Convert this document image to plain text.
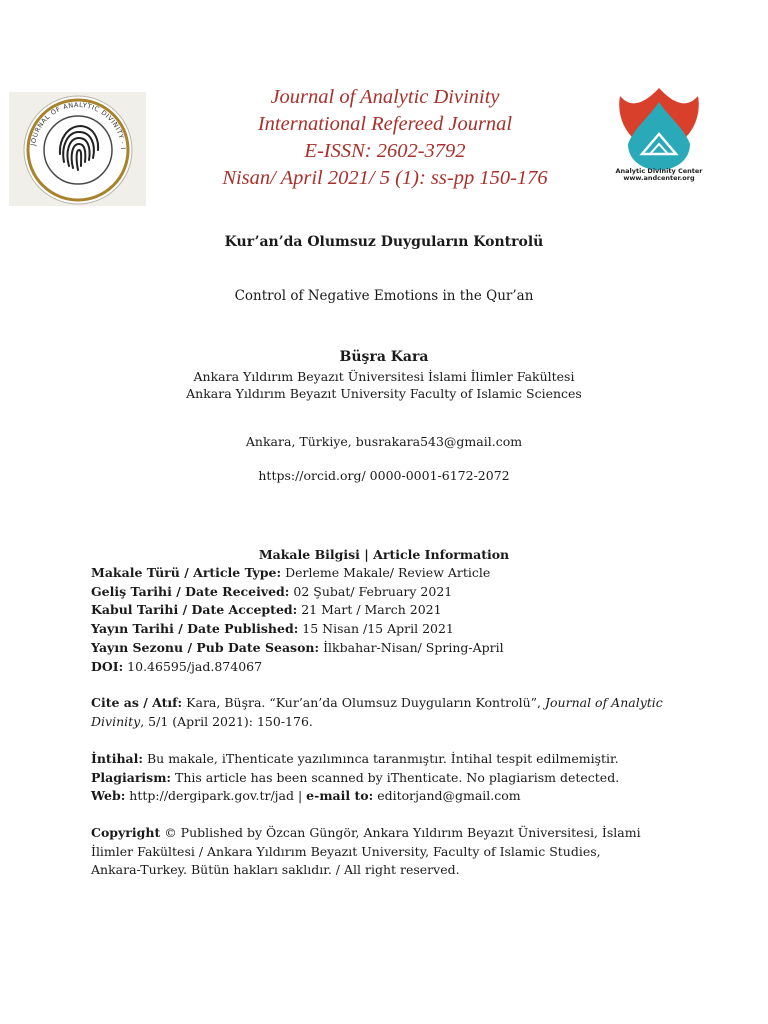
JOURNAL OF ANALYTIC DIVINITY · I
Journal of Analytic Divinity
International Refereed Journal
E-ISSN: 2602-3792
Nisan/ April 2021/ 5 (1): ss-pp 150-176	Analytic Divinity Center
www.andcenter.org
Kur’an’da Olumsuz Duyguların Kontrolü
Control of Negative Emotions in the Qur’an
Büşra Kara
Ankara Yıldırım Beyazıt Üniversitesi İslami İlimler Fakültesi
Ankara Yıldırım Beyazıt University Faculty of Islamic Sciences
Ankara, Türkiye, busrakara543@gmail.com
https://orcid.org/ 0000-0001-6172-2072
Makale Bilgisi | Article Information
Makale Türü / Article Type: Derleme Makale/ Review Article
Geliş Tarihi / Date Received: 02 Şubat/ February 2021
Kabul Tarihi / Date Accepted: 21 Mart / March 2021
Yayın Tarihi / Date Published: 15 Nisan /15 April 2021
Yayın Sezonu / Pub Date Season: İlkbahar-Nisan/ Spring-April
DOI: 10.46595/jad.874067
Cite as / Atıf: Kara, Büşra. “Kur’an’da Olumsuz Duyguların Kontrolü”, Journal of Analytic
Divinity, 5/1 (April 2021): 150-176.
İntihal: Bu makale, iThenticate yazılımınca taranmıştır. İntihal tespit edilmemiştir.
Plagiarism: This article has been scanned by iThenticate. No plagiarism detected.
Web: http://dergipark.gov.tr/jad | e-mail to: editorjand@gmail.com
Copyright © Published by Özcan Güngör, Ankara Yıldırım Beyazıt Üniversitesi, İslami
İlimler Fakültesi / Ankara Yıldırım Beyazıt University, Faculty of Islamic Studies,
Ankara-Turkey. Bütün hakları saklıdır. / All right reserved.
